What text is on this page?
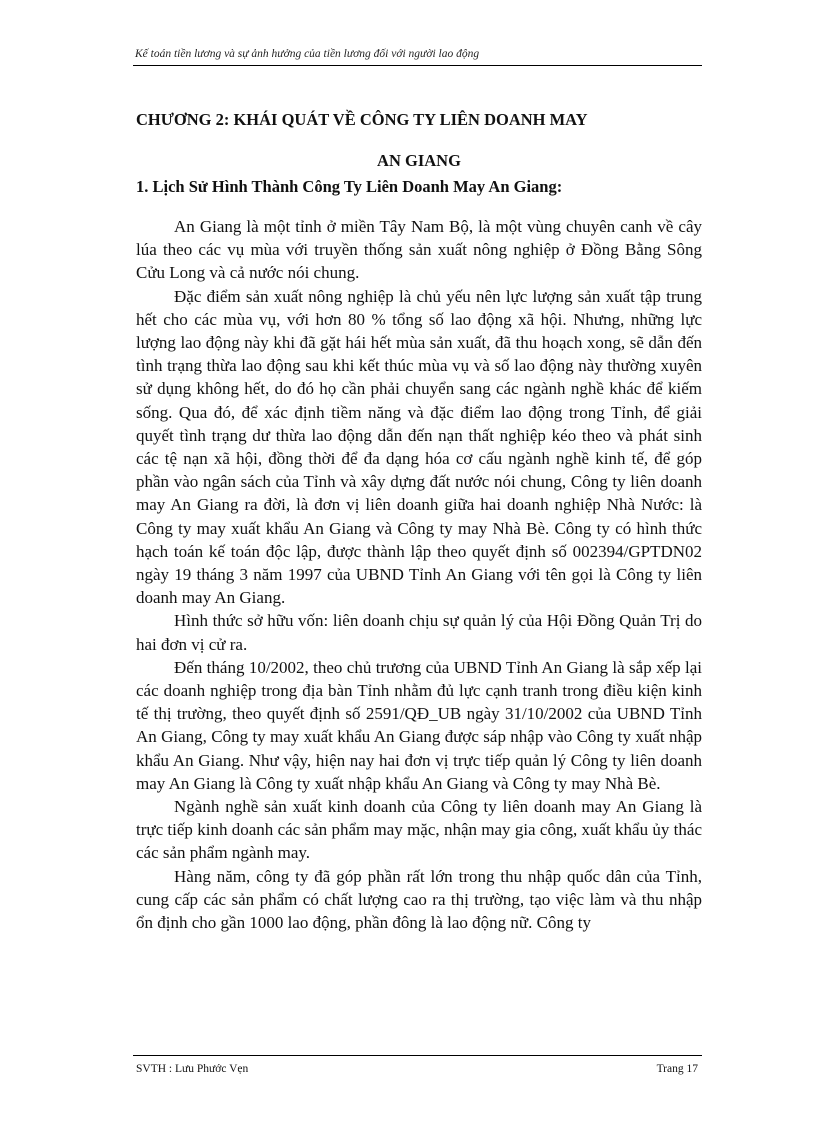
Kế toán tiền lương và sự ảnh hưởng của tiền lương đối với người lao động
CHƯƠNG 2: KHÁI QUÁT VỀ CÔNG TY LIÊN DOANH MAY
AN GIANG
1. Lịch Sử Hình Thành Công Ty Liên Doanh May An Giang:

An Giang là một tỉnh ở miền Tây Nam Bộ, là một vùng chuyên canh về cây lúa theo các vụ mùa với truyền thống sản xuất nông nghiệp ở Đồng Bằng Sông Cửu Long và cả nước nói chung.

Đặc điểm sản xuất nông nghiệp là chủ yếu nên lực lượng sản xuất tập trung hết cho các mùa vụ, với hơn 80 % tổng số lao động xã hội. Nhưng, những lực lượng lao động này khi đã gặt hái hết mùa sản xuất, đã thu hoạch xong, sẽ dẫn đến tình trạng thừa lao động sau khi kết thúc mùa vụ và số lao động này thường xuyên sử dụng không hết, do đó họ cần phải chuyển sang các ngành nghề khác để kiếm sống. Qua đó, để xác định tiềm năng và đặc điểm lao động trong Tỉnh, để giải quyết tình trạng dư thừa lao động dẫn đến nạn thất nghiệp kéo theo và phát sinh các tệ nạn xã hội, đồng thời để đa dạng hóa cơ cấu ngành nghề kinh tế, để góp phần vào ngân sách của Tỉnh và xây dựng đất nước nói chung, Công ty liên doanh may An Giang ra đời, là đơn vị liên doanh giữa hai doanh nghiệp Nhà Nước: là Công ty may xuất khẩu An Giang và Công ty may Nhà Bè. Công ty có hình thức hạch toán kế toán độc lập, được thành lập theo quyết định số 002394/GPTDN02 ngày 19 tháng 3 năm 1997 của UBND Tỉnh An Giang với tên gọi là Công ty liên doanh may An Giang.

Hình thức sở hữu vốn: liên doanh chịu sự quản lý của Hội Đồng Quản Trị do hai đơn vị cử ra.

Đến tháng 10/2002, theo chủ trương của UBND Tỉnh An Giang là sắp xếp lại các doanh nghiệp trong địa bàn Tỉnh nhằm đủ lực cạnh tranh trong điều kiện kinh tế thị trường, theo quyết định số 2591/QĐ_UB ngày 31/10/2002 của UBND Tỉnh An Giang, Công ty may xuất khẩu An Giang được sáp nhập vào Công ty xuất nhập khẩu An Giang. Như vậy, hiện nay hai đơn vị trực tiếp quản lý Công ty liên doanh may An Giang là Công ty xuất nhập khẩu An Giang và Công ty may Nhà Bè.

Ngành nghề sản xuất kinh doanh của Công ty liên doanh may An Giang là trực tiếp kinh doanh các sản phẩm may mặc, nhận may gia công, xuất khẩu ủy thác các sản phẩm ngành may.

Hàng năm, công ty đã góp phần rất lớn trong thu nhập quốc dân của Tỉnh, cung cấp các sản phẩm có chất lượng cao ra thị trường, tạo việc làm và thu nhập ổn định cho gần 1000 lao động, phần đông là lao động nữ. Công ty

SVTH : Lưu Phước Vẹn	Trang 17
